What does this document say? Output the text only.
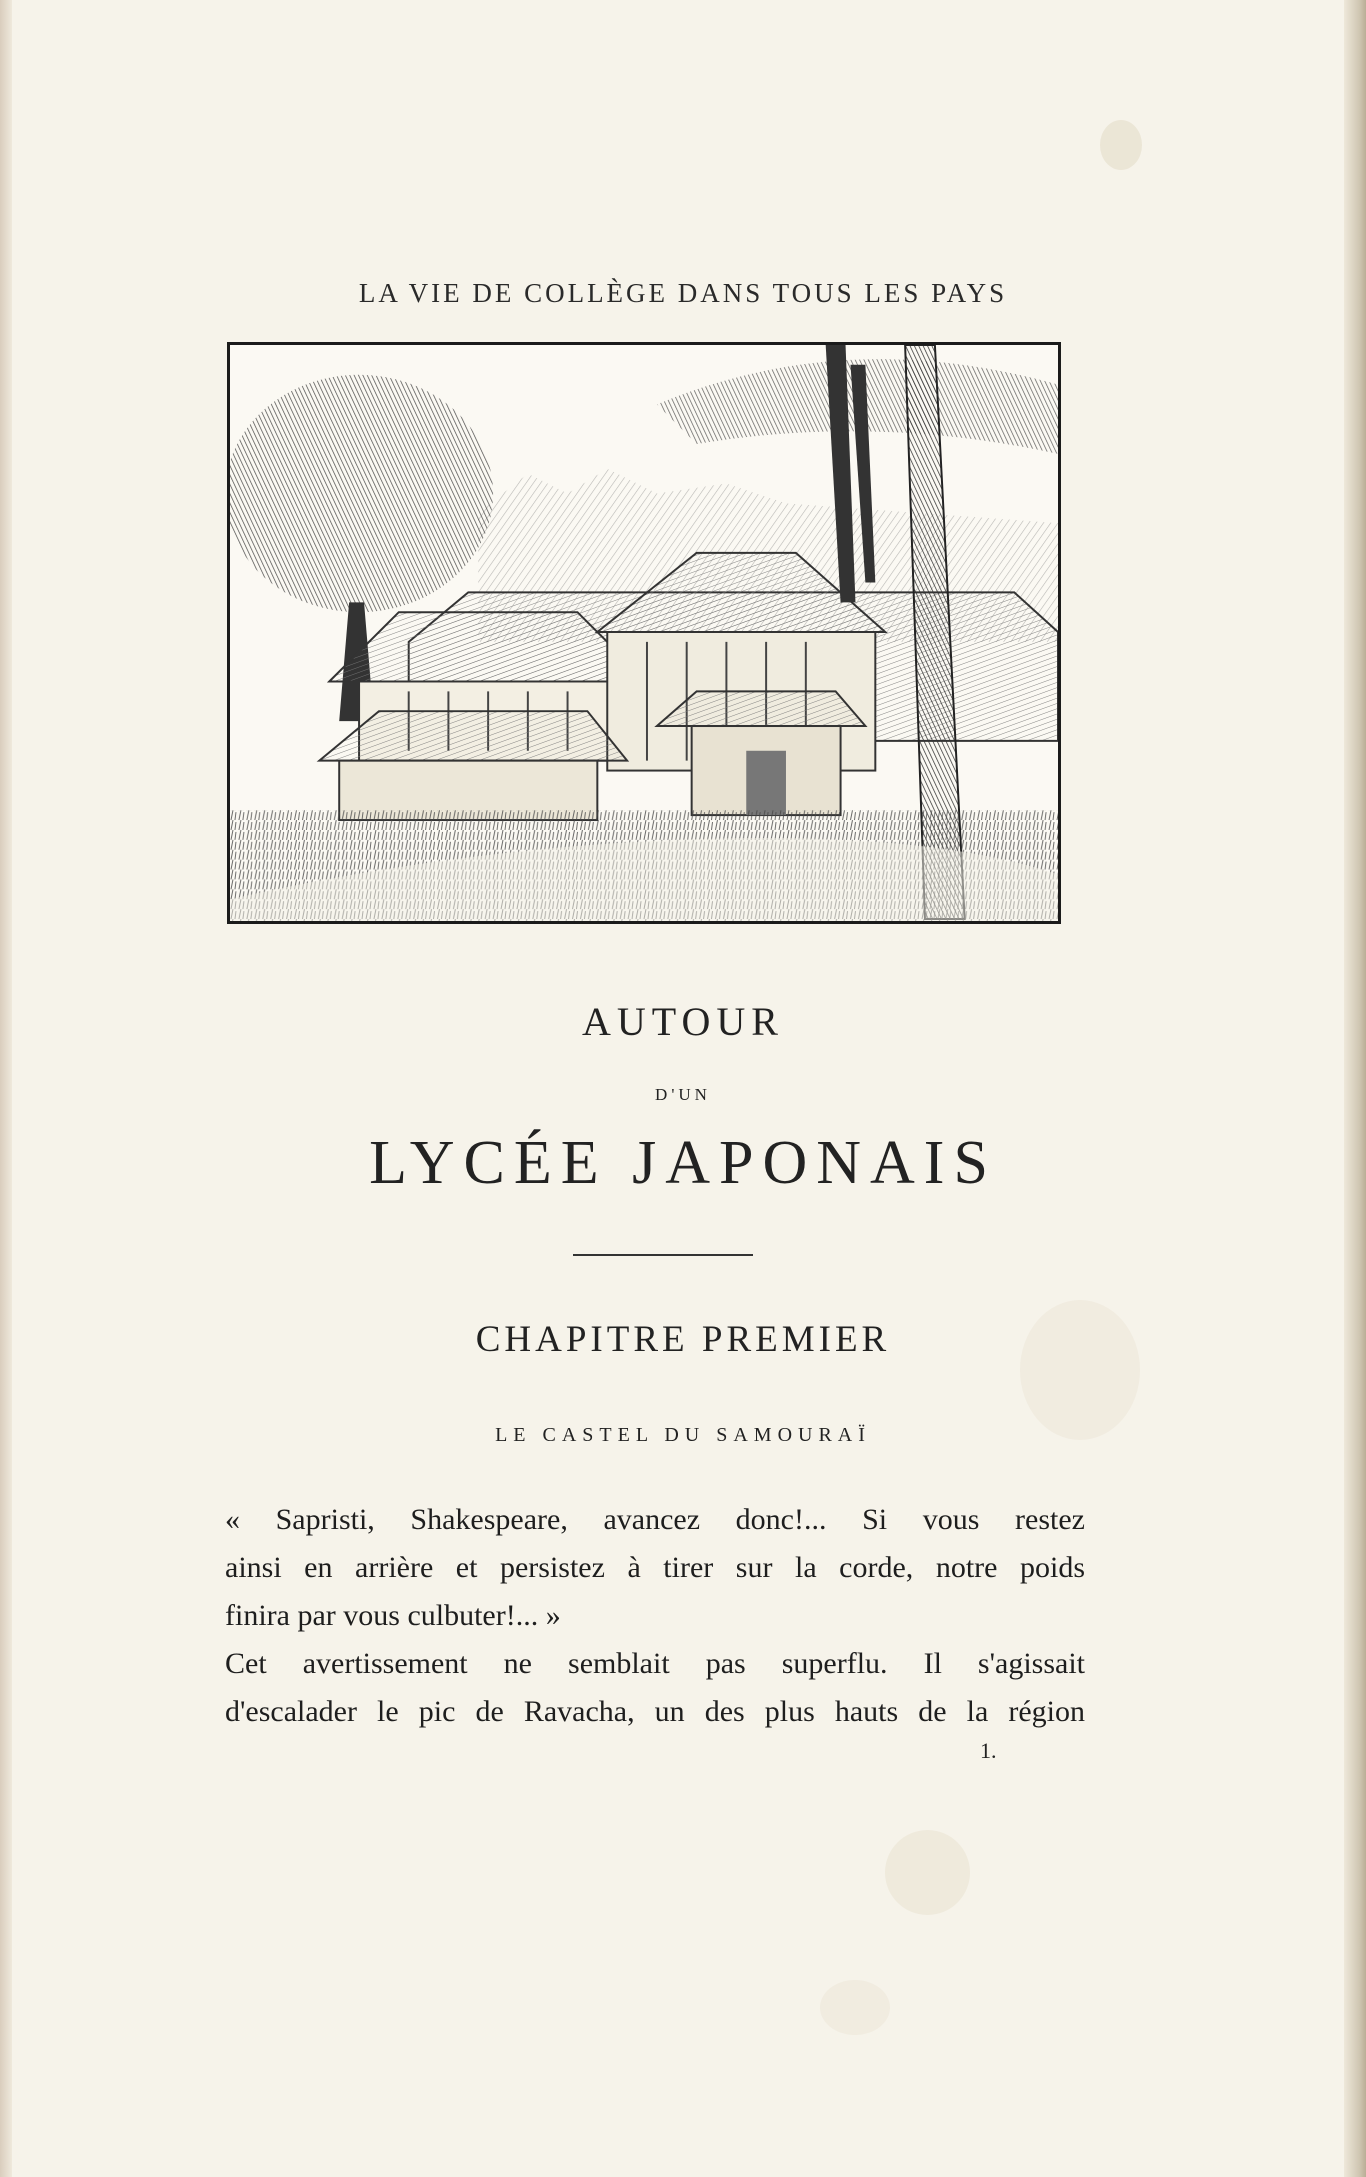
LA VIE DE COLLÈGE DANS TOUS LES PAYS
AUTOUR
D'UN
LYCÉE JAPONAIS
CHAPITRE PREMIER
LE CASTEL DU SAMOURAÏ
« Sapristi, Shakespeare, avancez donc!... Si vous restez
ainsi en arrière et persistez à tirer sur la corde, notre poids
finira par vous culbuter!... »
Cet avertissement ne semblait pas superflu. Il s'agissait
d'escalader le pic de Ravacha, un des plus hauts de la région
1.
